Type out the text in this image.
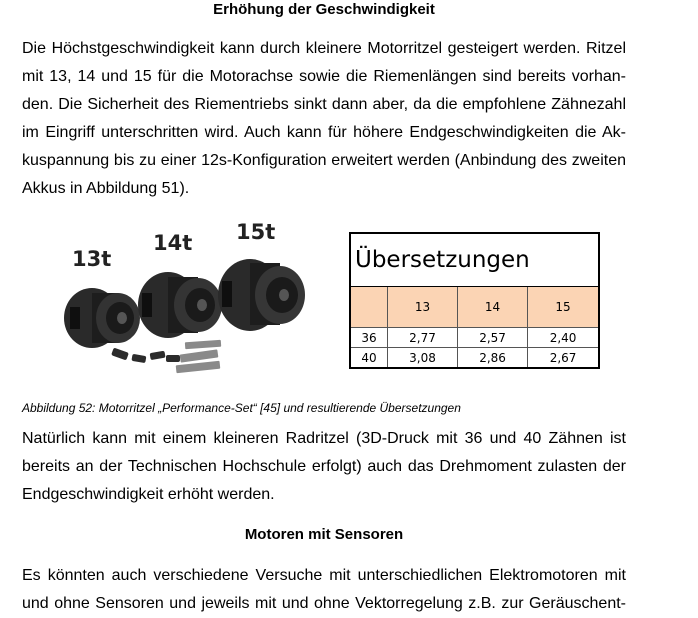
Erhöhung der Geschwindigkeit

Die Höchstgeschwindigkeit kann durch kleinere Motorritzel gesteigert werden. Ritzel
mit 13, 14 und 15 für die Motorachse sowie die Riemenlängen sind bereits vorhan-
den. Die Sicherheit des Riementriebs sinkt dann aber, da die empfohlene Zähnezahl
im Eingriff unterschritten wird. Auch kann für höhere Endgeschwindigkeiten die Ak-
kuspannung bis zu einer 12s-Konfiguration erweitert werden (Anbindung des zweiten
Akkus in Abbildung 51).

13t
14t 15t
Übersetzungen			
	13	14	15
36	2,77	2,57	2,40
40	3,08	2,86	2,67
Abbildung 52: Motorritzel „Performance-Set“ [45] und resultierende Übersetzungen

Natürlich kann mit einem kleineren Radritzel (3D-Druck mit 36 und 40 Zähnen ist
bereits an der Technischen Hochschule erfolgt) auch das Drehmoment zulasten der
Endgeschwindigkeit erhöht werden.

Motoren mit Sensoren

Es könnten auch verschiedene Versuche mit unterschiedlichen Elektromotoren mit
und ohne Sensoren und jeweils mit und ohne Vektorregelung z.B. zur Geräuschent-
